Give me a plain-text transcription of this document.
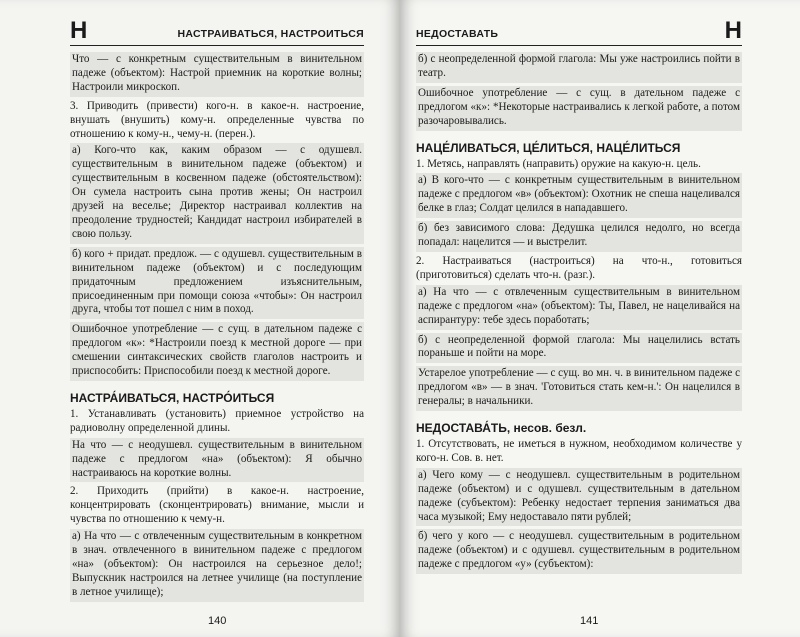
Н	НАСТРАИВАТЬСЯ, НАСТРОИТЬСЯ
Что — с конкретным существительным в винительном падеже (объектом): Настрой приемник на короткие волны; Настроили микроскоп.
3. Приводить (привести) кого-н. в какое-н. настроение, внушать (внушить) кому-н. определенные чувства по отношению к кому-н., чему-н. (перен.).
а) Кого-что как, каким образом — с одушевл. существительным в винительном падеже (объектом) и существительным в косвенном падеже (обстоятельством): Он сумела настроить сына против жены; Он настроил друзей на веселье; Директор настраивал коллектив на преодоление трудностей; Кандидат настроил избирателей в свою пользу.
б) кого + придат. предлож. — с одушевл. существительным в винительном падеже (объектом) и с последующим придаточным предложением изъяснительным, присоединенным при помощи союза «чтобы»: Он настроил друга, чтобы тот пошел с ним в поход.
Ошибочное употребление — с сущ. в дательном падеже с предлогом «к»: *Настроили поезд к местной дороге — при смешении синтаксических свойств глаголов настроить и приспособить: Приспособили поезд к местной дороге.
НАСТРА́ИВАТЬСЯ, НАСТРО́ИТЬСЯ
1. Устанавливать (установить) приемное устройство на радиоволну определенной длины.
На что — с неодушевл. существительным в винительном падеже с предлогом «на» (объектом): Я обычно настраиваюсь на короткие волны.
2. Приходить (прийти) в какое-н. настроение, концентрировать (сконцентрировать) внимание, мысли и чувства по отношению к чему-н.
а) На что — с отвлеченным существительным в конкретном в знач. отвлеченного в винительном падеже с предлогом «на» (объектом): Он настроился на серьезное дело!; Выпускник настроился на летнее училище (на поступление в летное училище);
140
НЕДОСТАВАТЬ	Н
б) с неопределенной формой глагола: Мы уже настроились пойти в театр.
Ошибочное употребление — с сущ. в дательном падеже с предлогом «к»: *Некоторые настраивались к легкой работе, а потом разочаровывались.
НАЦЕ́ЛИВАТЬСЯ, ЦЕ́ЛИТЬСЯ, НАЦЕ́ЛИТЬСЯ
1. Метясь, направлять (направить) оружие на какую-н. цель.
а) В кого-что — с конкретным существительным в винительном падеже с предлогом «в» (объектом): Охотник не спеша нацеливался белке в глаз; Солдат целился в нападавшего.
б) без зависимого слова: Дедушка целился недолго, но всегда попадал: нацелится — и выстрелит.
2. Настраиваться (настроиться) на что-н., готовиться (приготовиться) сделать что-н. (разг.).
а) На что — с отвлеченным существительным в винительном падеже с предлогом «на» (объектом): Ты, Павел, не нацеливайся на аспирантуру: тебе здесь поработать;
б) с неопределенной формой глагола: Мы нацелились встать пораньше и пойти на море.
Устарелое употребление — с сущ. во мн. ч. в винительном падеже с предлогом «в» — в знач. 'Готовиться стать кем-н.': Он нацелился в генералы; в начальники.
НЕДОСТАВА́ТЬ, несов. безл.
1. Отсутствовать, не иметься в нужном, необходимом количестве у кого-н. Сов. в. нет.
а) Чего кому — с неодушевл. существительным в родительном падеже (объектом) и с одушевл. существительным в дательном падеже (субъектом): Ребенку недостает терпения заниматься два часа музыкой; Ему недоставало пяти рублей;
б) чего у кого — с неодушевл. существительным в родительном падеже (объектом) и с одушевл. существительным в родительном падеже с предлогом «у» (субъектом):
141
